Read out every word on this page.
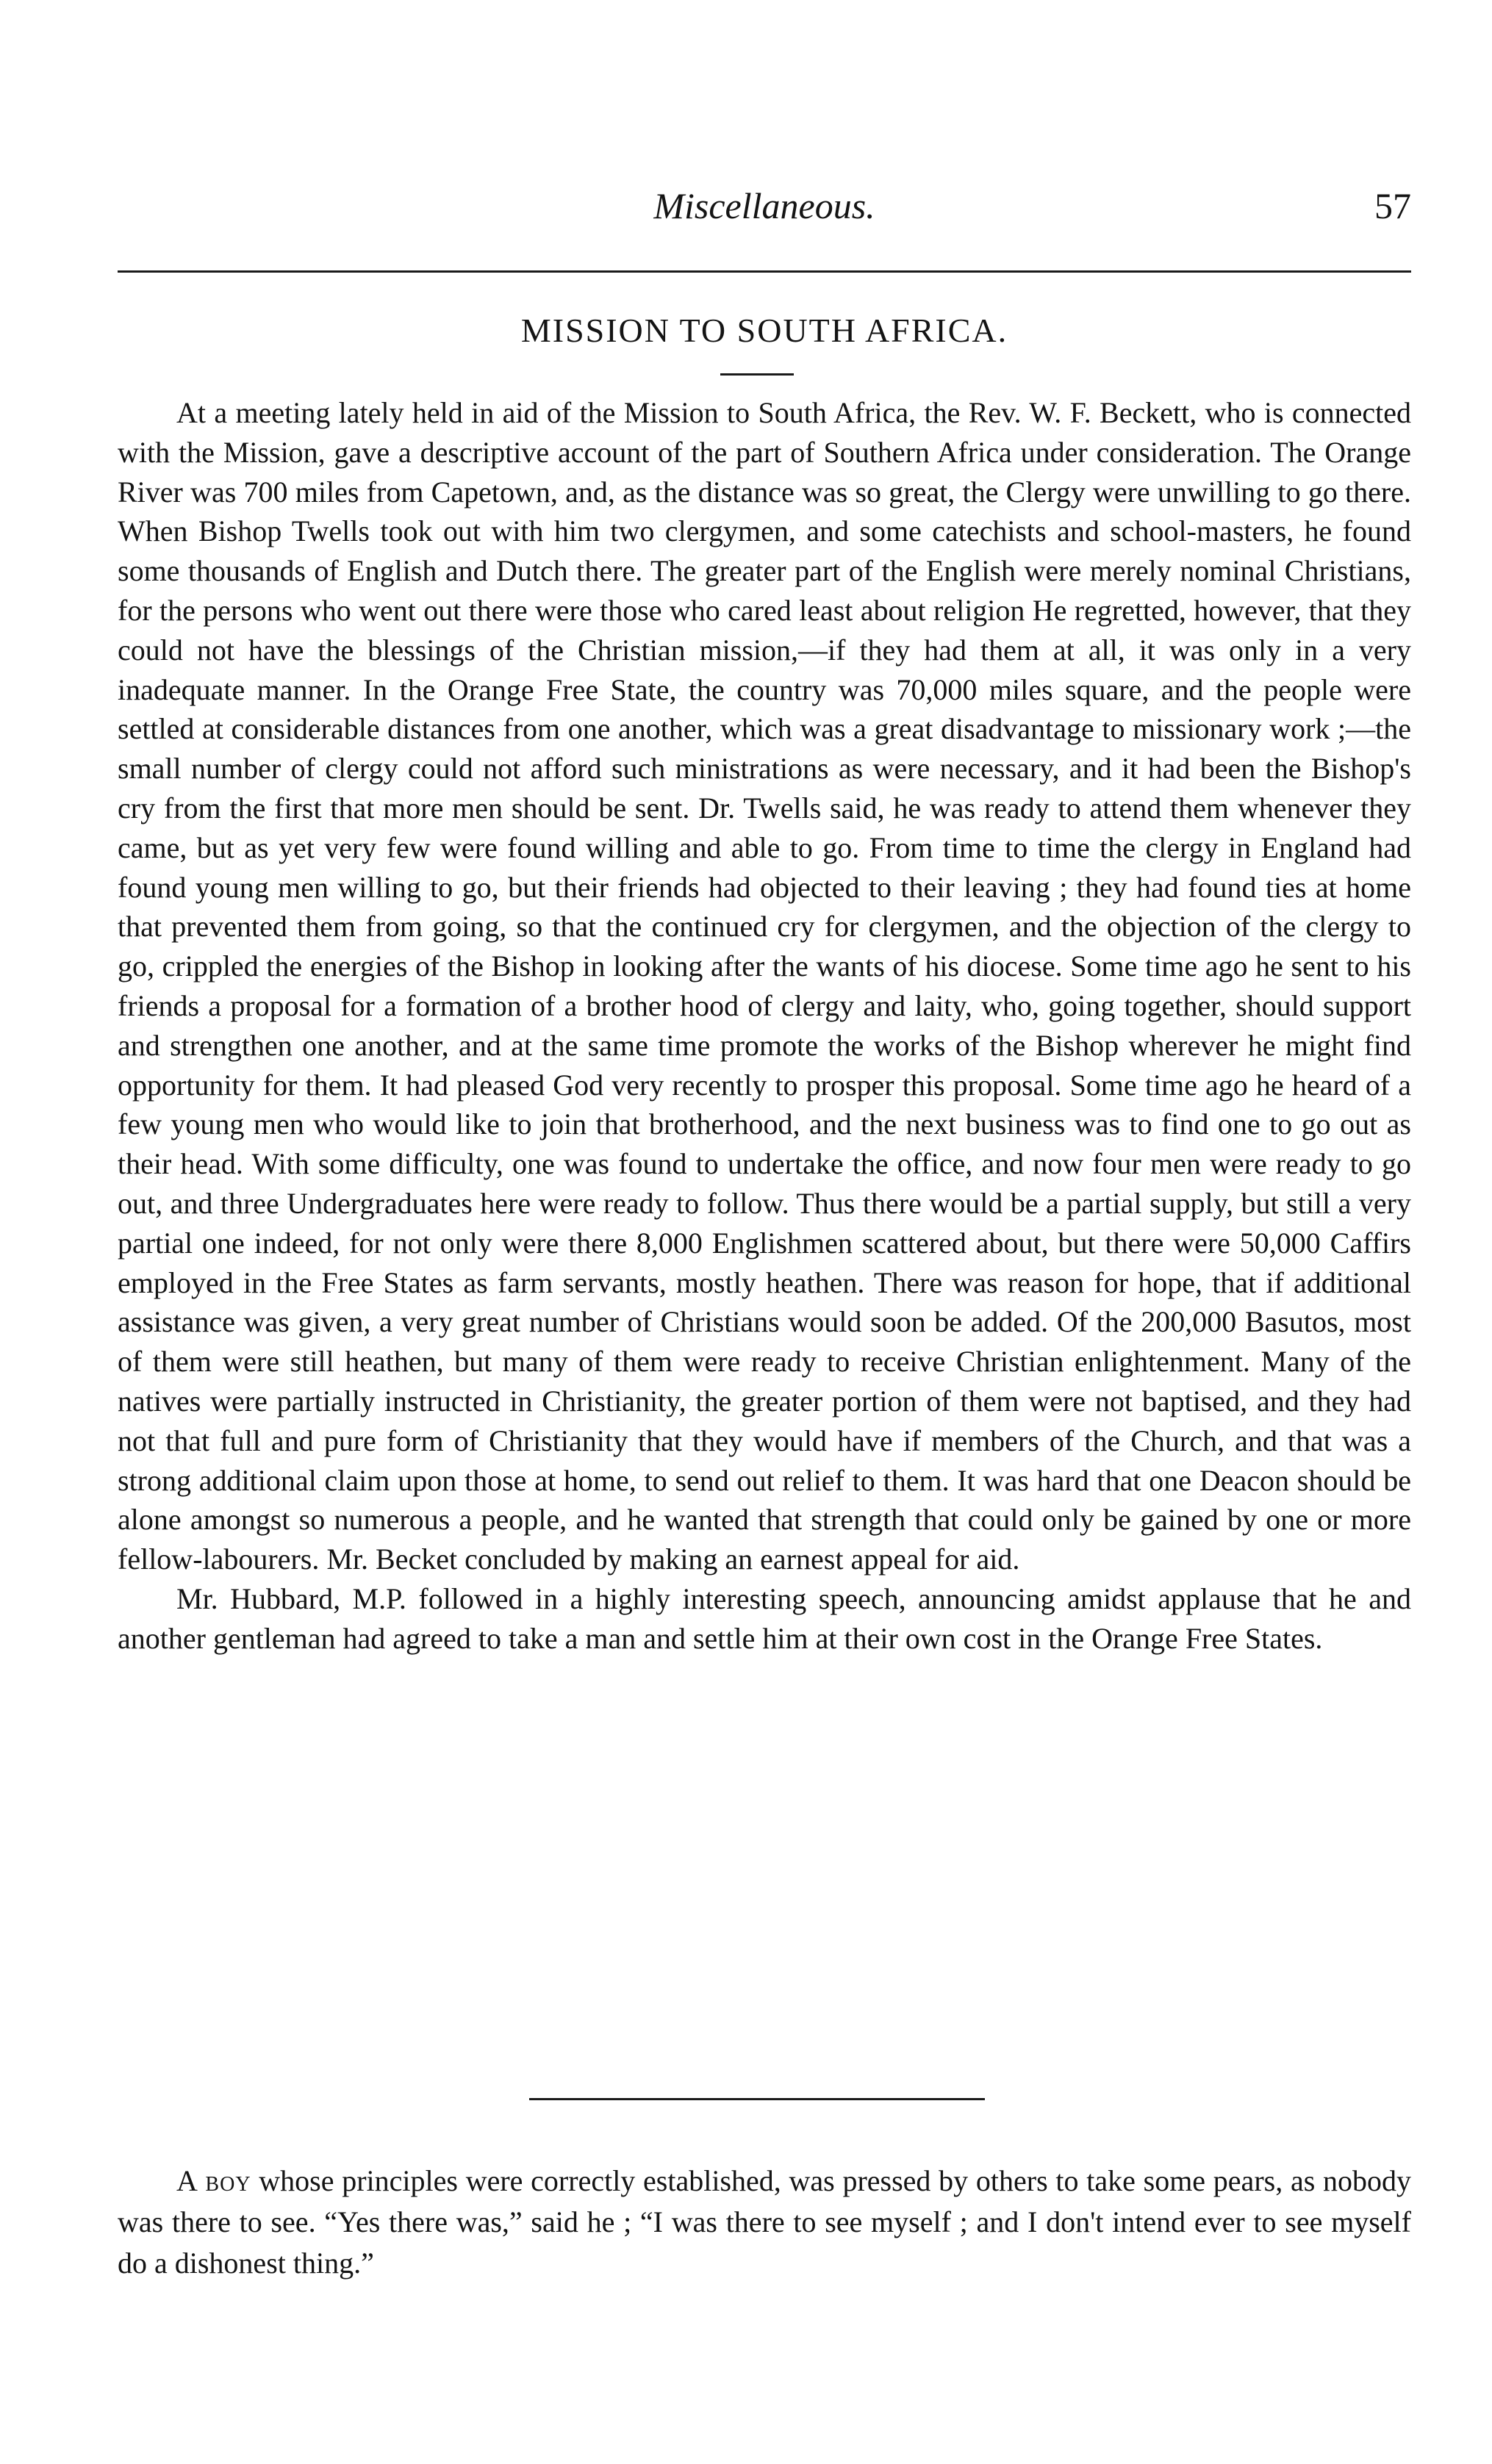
Miscellaneous.	57
MISSION TO SOUTH AFRICA.

At a meeting lately held in aid of the Mission to South Africa, the Rev. W. F. Beckett, who is connected with the Mission, gave a descriptive account of the part of Southern Africa under consideration. The Orange River was 700 miles from Capetown, and, as the distance was so great, the Clergy were unwilling to go there. When Bishop Twells took out with him two clergymen, and some catechists and school-masters, he found some thousands of English and Dutch there. The greater part of the English were merely nominal Christians, for the persons who went out there were those who cared least about religion He regretted, however, that they could not have the blessings of the Christian mission,—if they had them at all, it was only in a very inadequate manner. In the Orange Free State, the country was 70,000 miles square, and the people were settled at considerable distances from one another, which was a great disadvantage to missionary work ;—the small number of clergy could not afford such ministrations as were necessary, and it had been the Bishop's cry from the first that more men should be sent. Dr. Twells said, he was ready to attend them whenever they came, but as yet very few were found willing and able to go. From time to time the clergy in England had found young men willing to go, but their friends had objected to their leaving ; they had found ties at home that prevented them from going, so that the continued cry for clergymen, and the objection of the clergy to go, crippled the energies of the Bishop in looking after the wants of his diocese. Some time ago he sent to his friends a proposal for a formation of a brother hood of clergy and laity, who, going together, should support and strengthen one another, and at the same time promote the works of the Bishop wherever he might find opportunity for them. It had pleased God very recently to prosper this proposal. Some time ago he heard of a few young men who would like to join that brotherhood, and the next business was to find one to go out as their head. With some difficulty, one was found to undertake the office, and now four men were ready to go out, and three Undergraduates here were ready to follow. Thus there would be a partial supply, but still a very partial one indeed, for not only were there 8,000 Englishmen scattered about, but there were 50,000 Caffirs employed in the Free States as farm servants, mostly heathen. There was reason for hope, that if additional assistance was given, a very great number of Christians would soon be added. Of the 200,000 Basutos, most of them were still heathen, but many of them were ready to receive Christian enlightenment. Many of the natives were partially instructed in Christianity, the greater portion of them were not baptised, and they had not that full and pure form of Christianity that they would have if members of the Church, and that was a strong additional claim upon those at home, to send out relief to them. It was hard that one Deacon should be alone amongst so numerous a people, and he wanted that strength that could only be gained by one or more fellow-labourers. Mr. Becket concluded by making an earnest appeal for aid.

Mr. Hubbard, M.P. followed in a highly interesting speech, announcing amidst applause that he and another gentleman had agreed to take a man and settle him at their own cost in the Orange Free States.

A boy whose principles were correctly established, was pressed by others to take some pears, as nobody was there to see. “Yes there was,” said he ; “I was there to see myself ; and I don't intend ever to see myself do a dishonest thing.”
